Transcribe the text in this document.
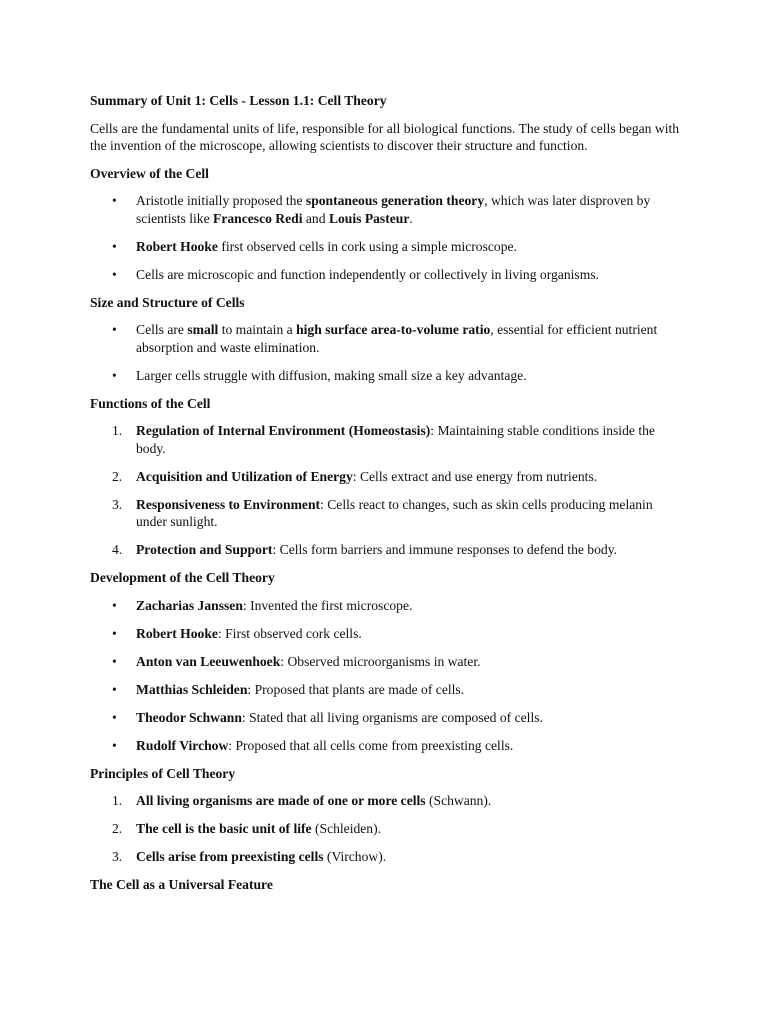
Summary of Unit 1: Cells - Lesson 1.1: Cell Theory

Cells are the fundamental units of life, responsible for all biological functions. The study of cells began with the invention of the microscope, allowing scientists to discover their structure and function.

Overview of the Cell

•	Aristotle initially proposed the spontaneous generation theory, which was later disproven by scientists like Francesco Redi and Louis Pasteur.
•	Robert Hooke first observed cells in cork using a simple microscope.
•	Cells are microscopic and function independently or collectively in living organisms.

Size and Structure of Cells

•	Cells are small to maintain a high surface area-to-volume ratio, essential for efficient nutrient absorption and waste elimination.
•	Larger cells struggle with diffusion, making small size a key advantage.

Functions of the Cell

1.	Regulation of Internal Environment (Homeostasis): Maintaining stable conditions inside the body.
2.	Acquisition and Utilization of Energy: Cells extract and use energy from nutrients.
3.	Responsiveness to Environment: Cells react to changes, such as skin cells producing melanin under sunlight.
4.	Protection and Support: Cells form barriers and immune responses to defend the body.

Development of the Cell Theory

•	Zacharias Janssen: Invented the first microscope.
•	Robert Hooke: First observed cork cells.
•	Anton van Leeuwenhoek: Observed microorganisms in water.
•	Matthias Schleiden: Proposed that plants are made of cells.
•	Theodor Schwann: Stated that all living organisms are composed of cells.
•	Rudolf Virchow: Proposed that all cells come from preexisting cells.

Principles of Cell Theory

1.	All living organisms are made of one or more cells (Schwann).
2.	The cell is the basic unit of life (Schleiden).
3.	Cells arise from preexisting cells (Virchow).

The Cell as a Universal Feature
